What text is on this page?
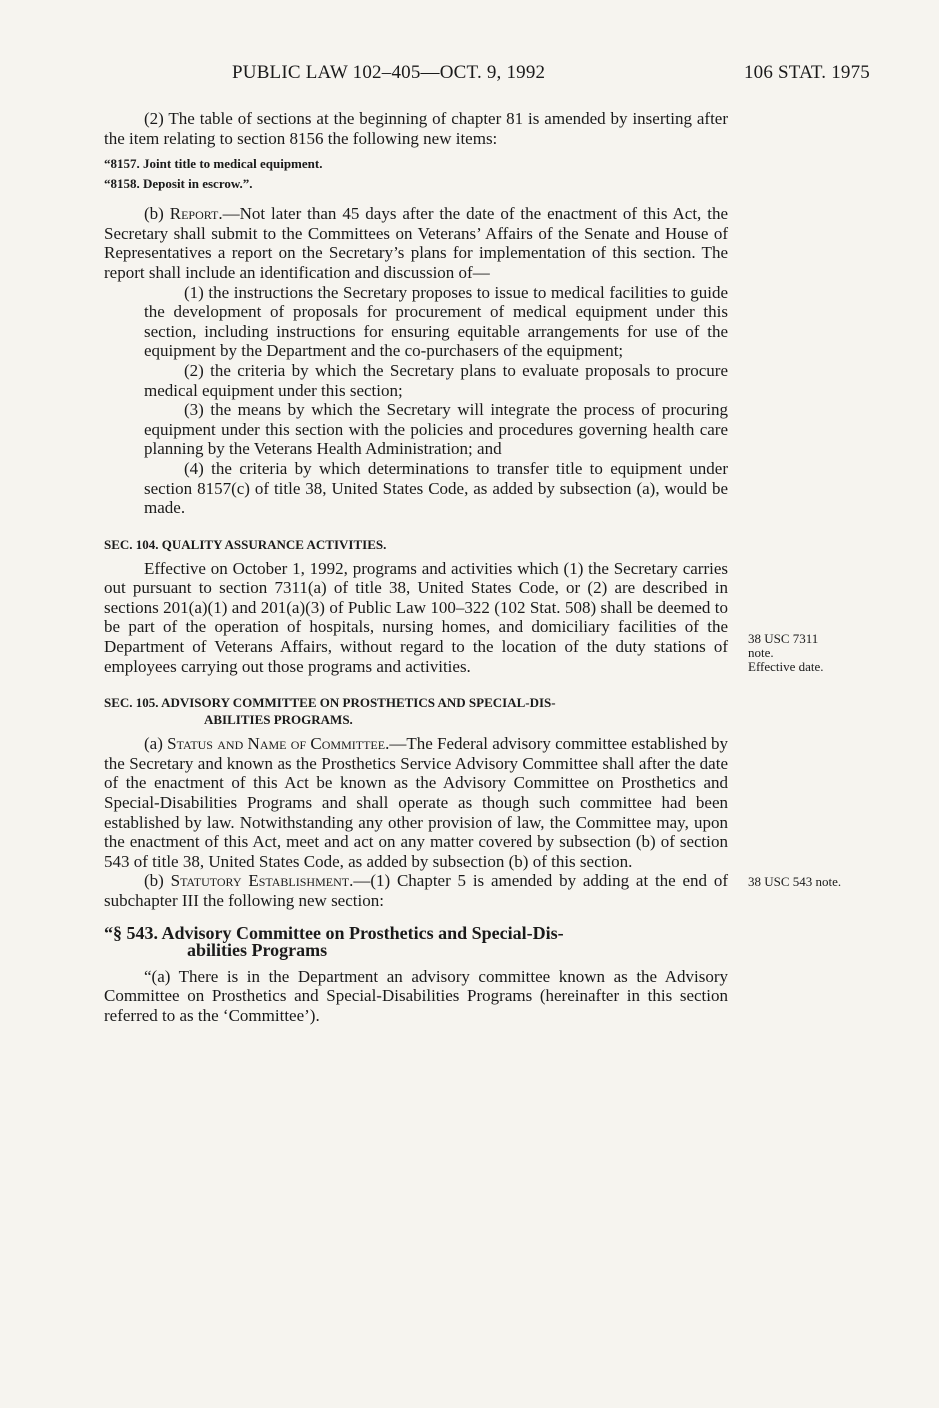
PUBLIC LAW 102–405—OCT. 9, 1992	106 STAT. 1975

(2) The table of sections at the beginning of chapter 81 is amended by inserting after the item relating to section 8156 the following new items:

“8157. Joint title to medical equipment.
“8158. Deposit in escrow.”.

(b) Report.—Not later than 45 days after the date of the enactment of this Act, the Secretary shall submit to the Committees on Veterans’ Affairs of the Senate and House of Representatives a report on the Secretary’s plans for implementation of this section. The report shall include an identification and discussion of—

(1) the instructions the Secretary proposes to issue to medical facilities to guide the development of proposals for procurement of medical equipment under this section, including instructions for ensuring equitable arrangements for use of the equipment by the Department and the co-purchasers of the equipment;

(2) the criteria by which the Secretary plans to evaluate proposals to procure medical equipment under this section;

(3) the means by which the Secretary will integrate the process of procuring equipment under this section with the policies and procedures governing health care planning by the Veterans Health Administration; and

(4) the criteria by which determinations to transfer title to equipment under section 8157(c) of title 38, United States Code, as added by subsection (a), would be made.

SEC. 104. QUALITY ASSURANCE ACTIVITIES.

Effective on October 1, 1992, programs and activities which (1) the Secretary carries out pursuant to section 7311(a) of title 38, United States Code, or (2) are described in sections 201(a)(1) and 201(a)(3) of Public Law 100–322 (102 Stat. 508) shall be deemed to be part of the operation of hospitals, nursing homes, and domiciliary facilities of the Department of Veterans Affairs, without regard to the location of the duty stations of employees carrying out those programs and activities.

SEC. 105. ADVISORY COMMITTEE ON PROSTHETICS AND SPECIAL-DIS-
ABILITIES PROGRAMS.

(a) Status and Name of Committee.—The Federal advisory committee established by the Secretary and known as the Prosthetics Service Advisory Committee shall after the date of the enactment of this Act be known as the Advisory Committee on Prosthetics and Special-Disabilities Programs and shall operate as though such committee had been established by law. Notwithstanding any other provision of law, the Committee may, upon the enactment of this Act, meet and act on any matter covered by subsection (b) of section 543 of title 38, United States Code, as added by subsection (b) of this section.

(b) Statutory Establishment.—(1) Chapter 5 is amended by adding at the end of subchapter III the following new section:

“§ 543. Advisory Committee on Prosthetics and Special-Dis-
abilities Programs

“(a) There is in the Department an advisory committee known as the Advisory Committee on Prosthetics and Special-Disabilities Programs (hereinafter in this section referred to as the ‘Committee’).

38 USC 7311
note.
Effective date.
38 USC 543 note.
